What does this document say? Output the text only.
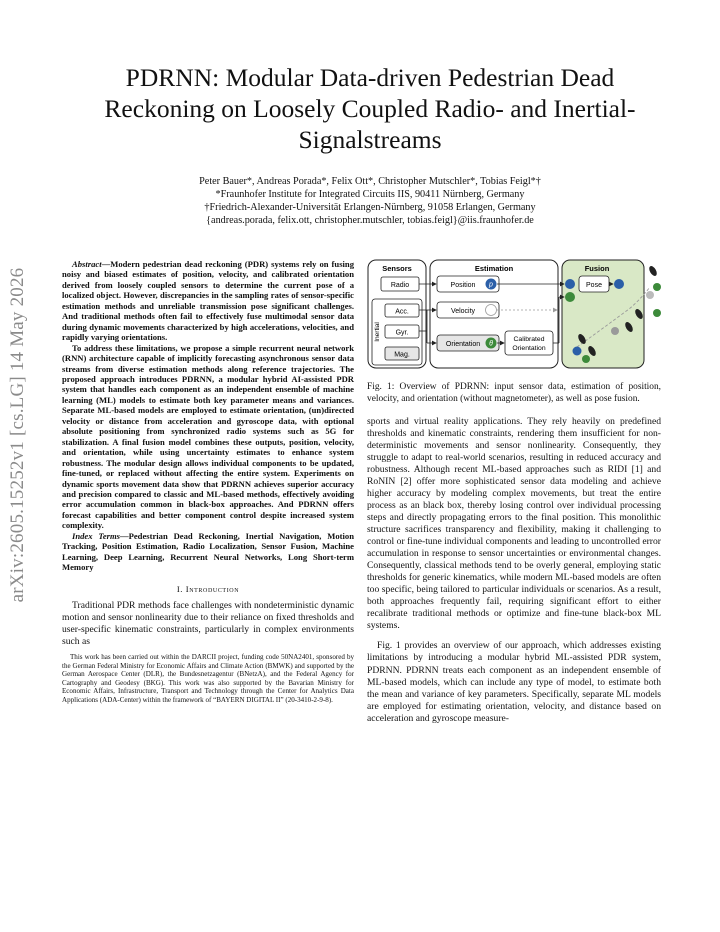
arXiv:2605.15252v1 [cs.LG] 14 May 2026
PDRNN: Modular Data-driven Pedestrian Dead Reckoning on Loosely Coupled Radio- and Inertial-Signalstreams
Peter Bauer*, Andreas Porada*, Felix Ott*, Christopher Mutschler*, Tobias Feigl*†
*Fraunhofer Institute for Integrated Circuits IIS, 90411 Nürnberg, Germany
†Friedrich-Alexander-Universität Erlangen-Nürnberg, 91058 Erlangen, Germany
{andreas.porada, felix.ott, christopher.mutschler, tobias.feigl}@iis.fraunhofer.de

Abstract—Modern pedestrian dead reckoning (PDR) systems rely on fusing noisy and biased estimates of position, velocity, and calibrated orientation derived from loosely coupled sensors to determine the current pose of a localized object. However, discrepancies in the sampling rates of sensor-specific estimation methods and unreliable transmission pose significant challenges. And traditional methods often fail to effectively fuse multimodal sensor data during dynamic movements characterized by high accelerations, velocities, and rapidly varying orientations.

To address these limitations, we propose a simple recurrent neural network (RNN) architecture capable of implicitly forecasting asynchronous sensor data streams from diverse estimation methods along reference trajectories. The proposed approach introduces PDRNN, a modular hybrid AI-assisted PDR system that handles each component as an independent ensemble of machine learning (ML) models to estimate both key parameter means and variances. Separate ML-based models are employed to estimate orientation, (un)directed velocity or distance from acceleration and gyroscope data, with optional absolute positioning from synchronized radio systems such as 5G for stabilization. A final fusion model combines these outputs, position, velocity, and orientation, while using uncertainty estimates to enhance system robustness. The modular design allows individual components to be updated, fine-tuned, or replaced without affecting the entire system. Experiments on dynamic sports movement data show that PDRNN achieves superior accuracy and precision compared to classic and ML-based methods, effectively avoiding error accumulation common in black-box approaches. And PDRNN offers forecast capabilities and better component control despite increased system complexity.

Index Terms—Pedestrian Dead Reckoning, Inertial Navigation, Motion Tracking, Position Estimation, Radio Localization, Sensor Fusion, Machine Learning, Deep Learning, Recurrent Neural Networks, Long Short-term Memory

I. Introduction

Traditional PDR methods face challenges with nondeterministic dynamic motion and sensor nonlinearity due to their reliance on fixed thresholds and user-specific kinematic constraints, particularly in complex environments such as

This work has been carried out within the DARCII project, funding code 50NA2401, sponsored by the German Federal Ministry for Economic Affairs and Climate Action (BMWK) and supported by the German Aerospace Center (DLR), the Bundesnetzagentur (BNetzA), and the Federal Agency for Cartography and Geodesy (BKG). This work was also supported by the Bavarian Ministry for Economic Affairs, Infrastructure, Transport and Technology through the Center for Analytics Data Applications (ADA-Center) within the framework of “BAYERN DIGITAL II” (20-3410-2-9-8).

Sensors
Radio
Inertial
Acc.
Gyr.
Mag.
Estimation
Position p
Velocity
Orientation θ
Calibrated
Orientation
Fusion
Pose
Fig. 1: Overview of PDRNN: input sensor data, estimation of position, velocity, and orientation (without magnetometer), as well as pose fusion.

sports and virtual reality applications. They rely heavily on predefined thresholds and kinematic constraints, rendering them insufficient for non-deterministic movements and sensor nonlinearity. Consequently, they struggle to adapt to real-world scenarios, resulting in reduced accuracy and robustness. Although recent ML-based approaches such as RIDI [1] and RoNIN [2] offer more sophisticated sensor data modeling and achieve higher accuracy by modeling complex movements, but treat the entire process as an black box, thereby losing control over individual processing steps and directly propagating errors to the final position. This monolithic structure sacrifices transparency and flexibility, making it challenging to control or fine-tune individual components and leading to uncontrolled error accumulation in response to sensor uncertainties or environmental changes. Consequently, classical methods tend to be overly general, employing static thresholds for generic kinematics, while modern ML-based models are often too specific, being tailored to particular individuals or scenarios. As a result, both approaches frequently fail, requiring significant effort to either recalibrate traditional methods or optimize and fine-tune black-box ML systems.

Fig. 1 provides an overview of our approach, which addresses existing limitations by introducing a modular hybrid ML-assisted PDR system, PDRNN. PDRNN treats each component as an independent ensemble of ML-based models, which can include any type of model, to estimate both the mean and variance of key parameters. Specifically, separate ML models are employed for estimating orientation, velocity, and distance based on acceleration and gyroscope measure-
